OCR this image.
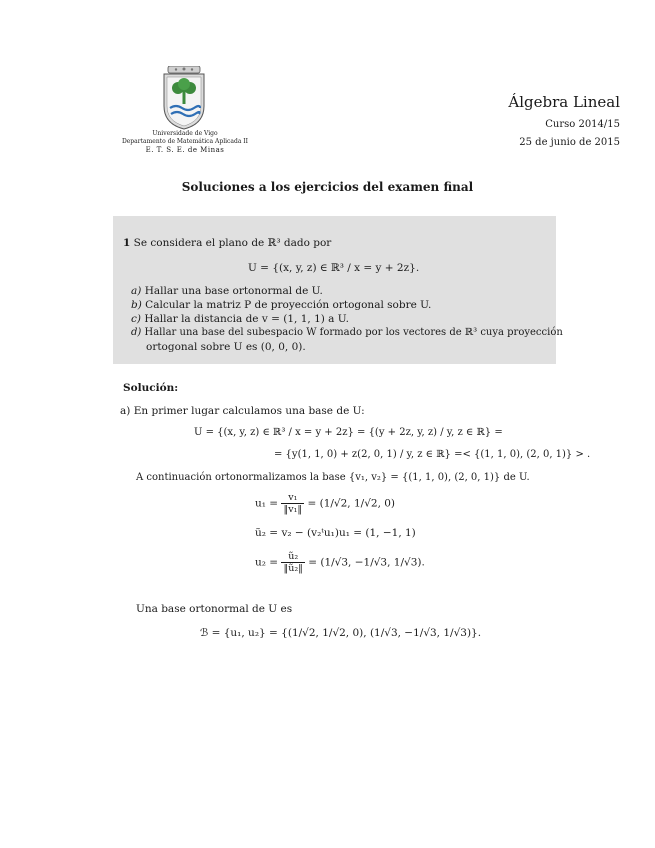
Universidade de Vigo
Departamento de Matemática Aplicada II
E. T. S. E. de Minas
Álgebra Lineal
Curso 2014/15
25 de junio de 2015
Soluciones a los ejercicios del examen final
1 Se considera el plano de ℝ³ dado por
U = {(x, y, z) ∈ ℝ³ / x = y + 2z}.
a) Hallar una base ortonormal de U.
b) Calcular la matriz P de proyección ortogonal sobre U.
c) Hallar la distancia de v = (1, 1, 1) a U.
d) Hallar una base del subespacio W formado por los vectores de ℝ³ cuya proyección
ortogonal sobre U es (0, 0, 0).
Solución:
a) En primer lugar calculamos una base de U:
U = {(x, y, z) ∈ ℝ³ / x = y + 2z} = {(y + 2z, y, z) / y, z ∈ ℝ} =
= {y(1, 1, 0) + z(2, 0, 1) / y, z ∈ ℝ} =< {(1, 1, 0), (2, 0, 1)} > .
A continuación ortonormalizamos la base {v₁, v₂} = {(1, 1, 0), (2, 0, 1)} de U.
$u_1 = \frac{\text{v₁}}{\text{‖v₁‖}} = (1/√2$, 1/√2, 0)
ũ₂ = v₂ − (v₂ᵗu₁)u₁ = (1, −1, 1)
$u_2 = \frac{\text{ũ₂}}{\text{‖ũ₂‖}} = (1/√3$, −1/√3, 1/√3).
Una base ortonormal de U es
ℬ = {u₁, u₂} = {(1/√2, 1/√2, 0), (1/√3, −1/√3, 1/√3)}.
